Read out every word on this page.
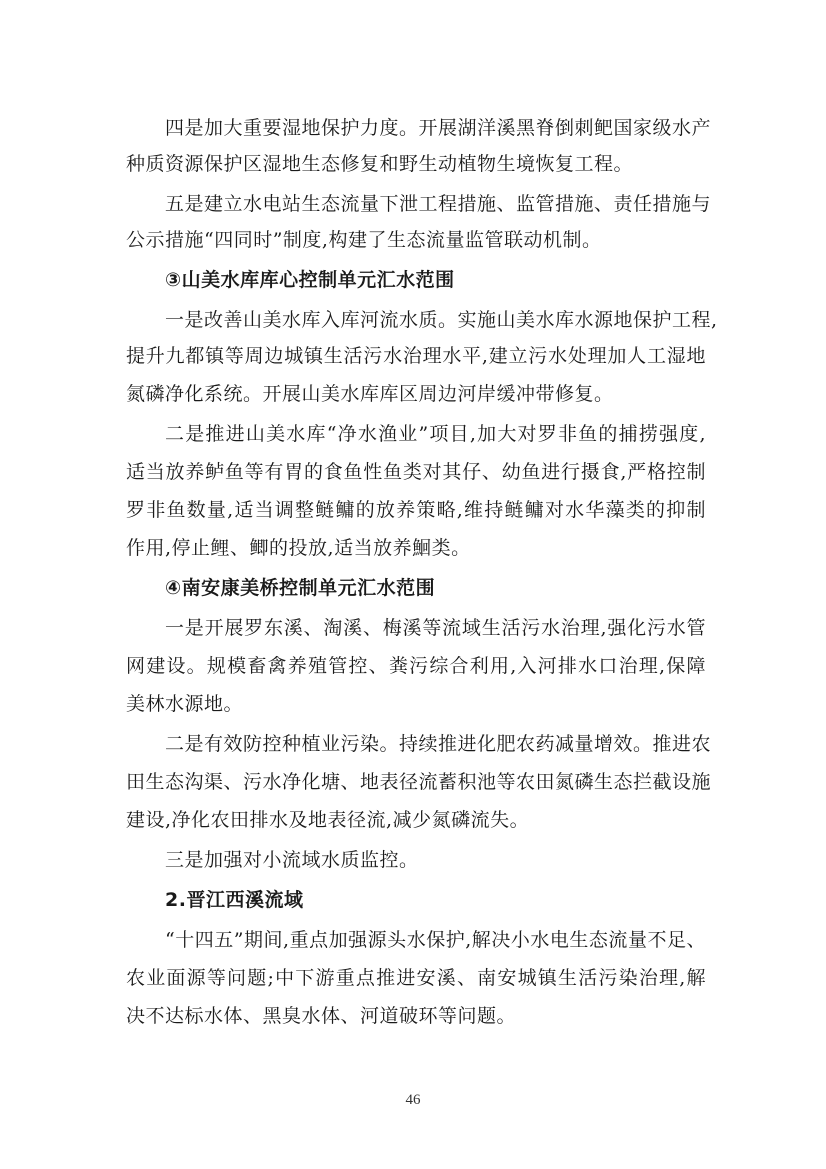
四是加大重要湿地保护力度。开展湖洋溪黑脊倒刺鲃国家级水产
种质资源保护区湿地生态修复和野生动植物生境恢复工程。
五是建立水电站生态流量下泄工程措施、监管措施、责任措施与
公示措施“四同时”制度,构建了生态流量监管联动机制。
③山美水库库心控制单元汇水范围
一是改善山美水库入库河流水质。实施山美水库水源地保护工程,
提升九都镇等周边城镇生活污水治理水平,建立污水处理加人工湿地
氮磷净化系统。开展山美水库库区周边河岸缓冲带修复。
二是推进山美水库“净水渔业”项目,加大对罗非鱼的捕捞强度,
适当放养鲈鱼等有胃的食鱼性鱼类对其仔、幼鱼进行摄食,严格控制
罗非鱼数量,适当调整鲢鳙的放养策略,维持鲢鳙对水华藻类的抑制
作用,停止鲤、鲫的投放,适当放养鮰类。
④南安康美桥控制单元汇水范围
一是开展罗东溪、淘溪、梅溪等流域生活污水治理,强化污水管
网建设。规模畜禽养殖管控、粪污综合利用,入河排水口治理,保障
美林水源地。
二是有效防控种植业污染。持续推进化肥农药减量增效。推进农
田生态沟渠、污水净化塘、地表径流蓄积池等农田氮磷生态拦截设施
建设,净化农田排水及地表径流,减少氮磷流失。
三是加强对小流域水质监控。
2.晋江西溪流域
“十四五”期间,重点加强源头水保护,解决小水电生态流量不足、
农业面源等问题;中下游重点推进安溪、南安城镇生活污染治理,解
决不达标水体、黑臭水体、河道破环等问题。
46
